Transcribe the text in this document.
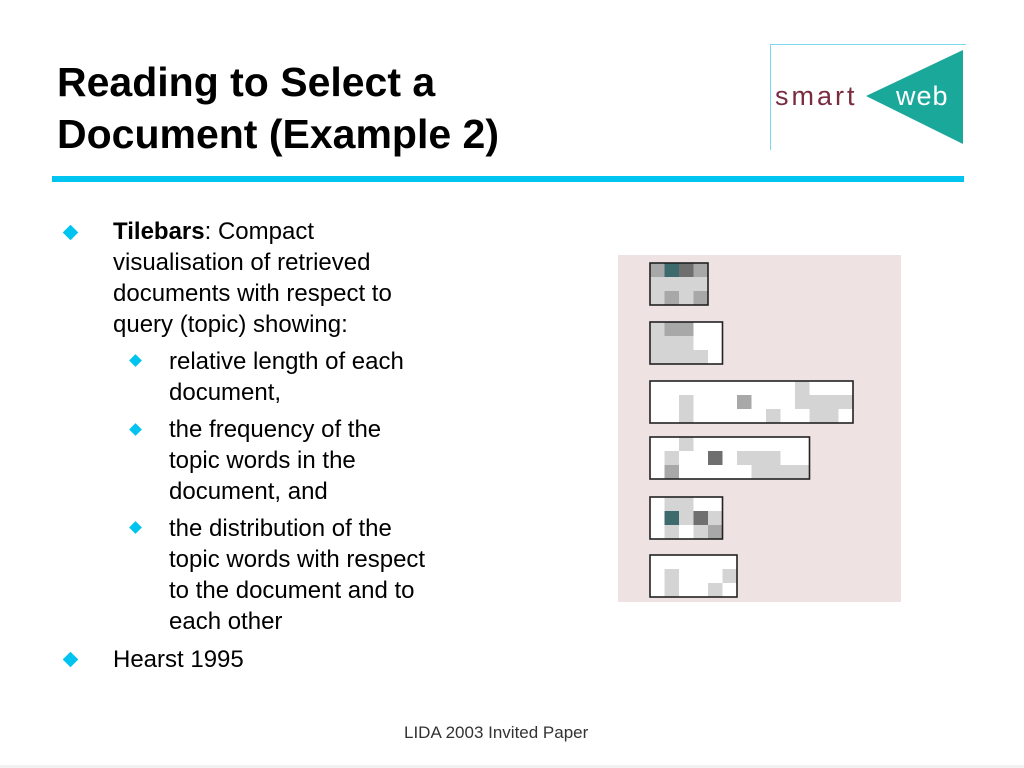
Reading to Select a
Document (Example 2)
smart web
Tilebars: Compact
visualisation of retrieved
documents with respect to
query (topic) showing:
relative length of each
document,
the frequency of the
topic words in the
document, and
the distribution of the
topic words with respect
to the document and to
each other
Hearst 1995
LIDA 2003 Invited Paper
